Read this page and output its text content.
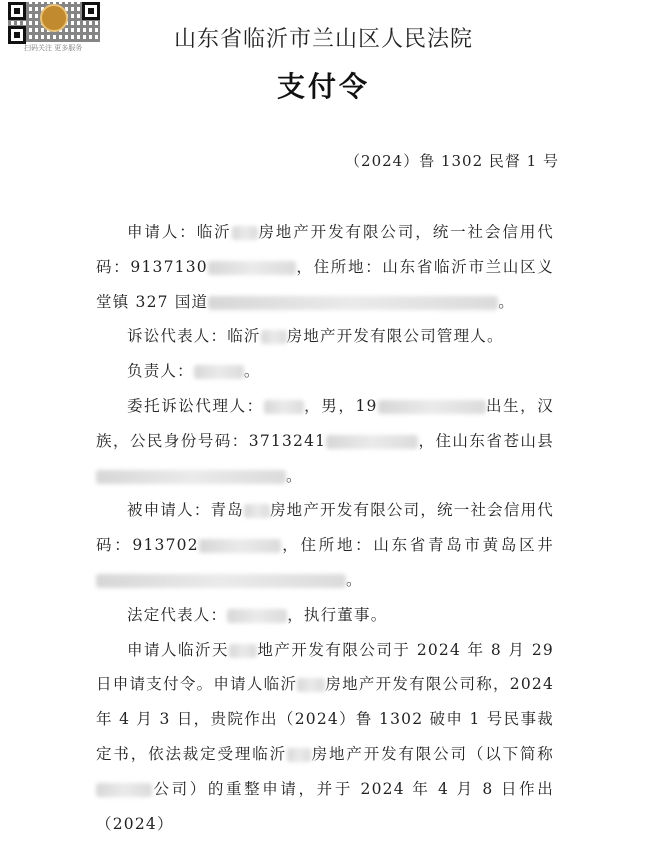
扫码关注 更多服务	山东省临沂市兰山区人民法院
支付令
（2024）鲁 1302 民督 1 号

申请人：临沂 房地产开发有限公司，统一社会信用代码：9137130	，住所地：山东省临沂市兰山区义堂镇 327 国道	。

诉讼代表人：临沂 房地产开发有限公司管理人。

负责人：	。

委托诉讼代理人：	，男，19	出生，汉族，公民身份号码：3713241	，住山东省苍山县。

被申请人：青岛 房地产开发有限公司，统一社会信用代码：913702	，住所地：山东省青岛市黄岛区井。

法定代表人：	，执行董事。

申请人临沂天 地产开发有限公司于 2024 年 8 月 29 日申请支付令。申请人临沂 房地产开发有限公司称，2024 年 4 月 3 日，贵院作出（2024）鲁 1302 破申 1 号民事裁定书，依法裁定受理临沂 房地产开发有限公司（以下简称公司）的重整申请，并于 2024 年 4 月 8 日作出（2024）
